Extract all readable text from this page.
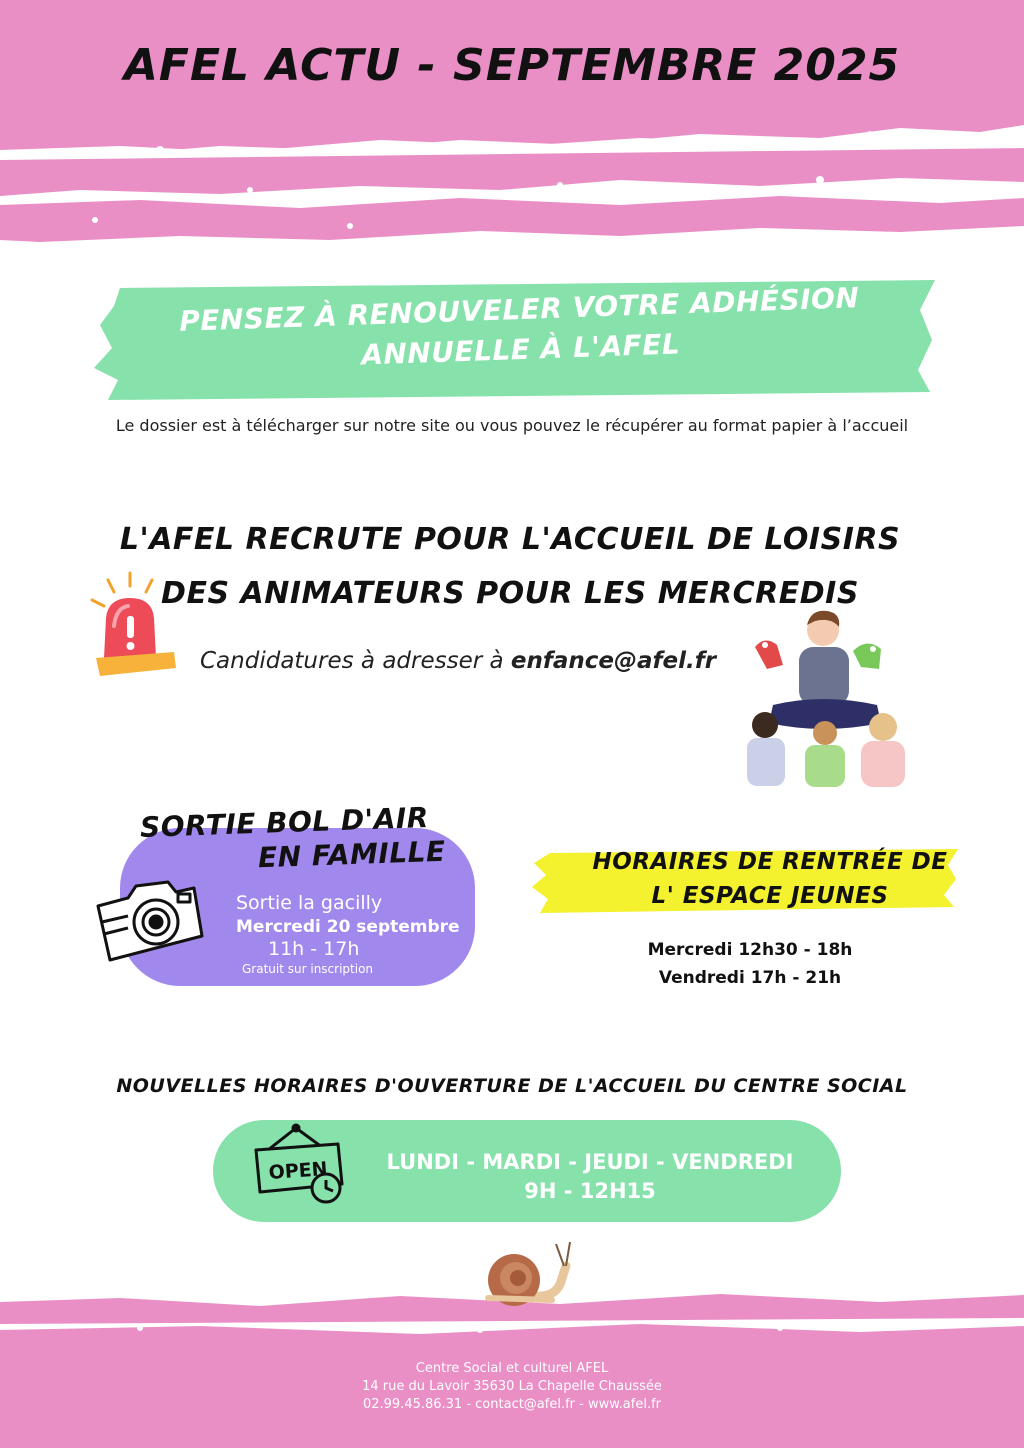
AFEL ACTU - SEPTEMBRE 2025
PENSEZ À RENOUVELER VOTRE ADHÉSION
ANNUELLE À L'AFEL
Le dossier est à télécharger sur notre site ou vous pouvez le récupérer au format papier à l’accueil
L'AFEL RECRUTE POUR L'ACCUEIL DE LOISIRS
DES ANIMATEURS POUR LES MERCREDIS
Candidatures à adresser à enfance@afel.fr
SORTIE BOL D'AIR
EN FAMILLE
Sortie la gacilly
Mercredi 20 septembre
11h - 17h
Gratuit sur inscription
HORAIRES DE RENTRÉE DE
L' ESPACE JEUNES
Mercredi 12h30 - 18h
Vendredi 17h - 21h
NOUVELLES HORAIRES D'OUVERTURE DE L'ACCUEIL DU CENTRE SOCIAL
OPEN	LUNDI - MARDI - JEUDI - VENDREDI
9H - 12H15
Centre Social et culturel AFEL
14 rue du Lavoir 35630 La Chapelle Chaussée
02.99.45.86.31 - contact@afel.fr - www.afel.fr
